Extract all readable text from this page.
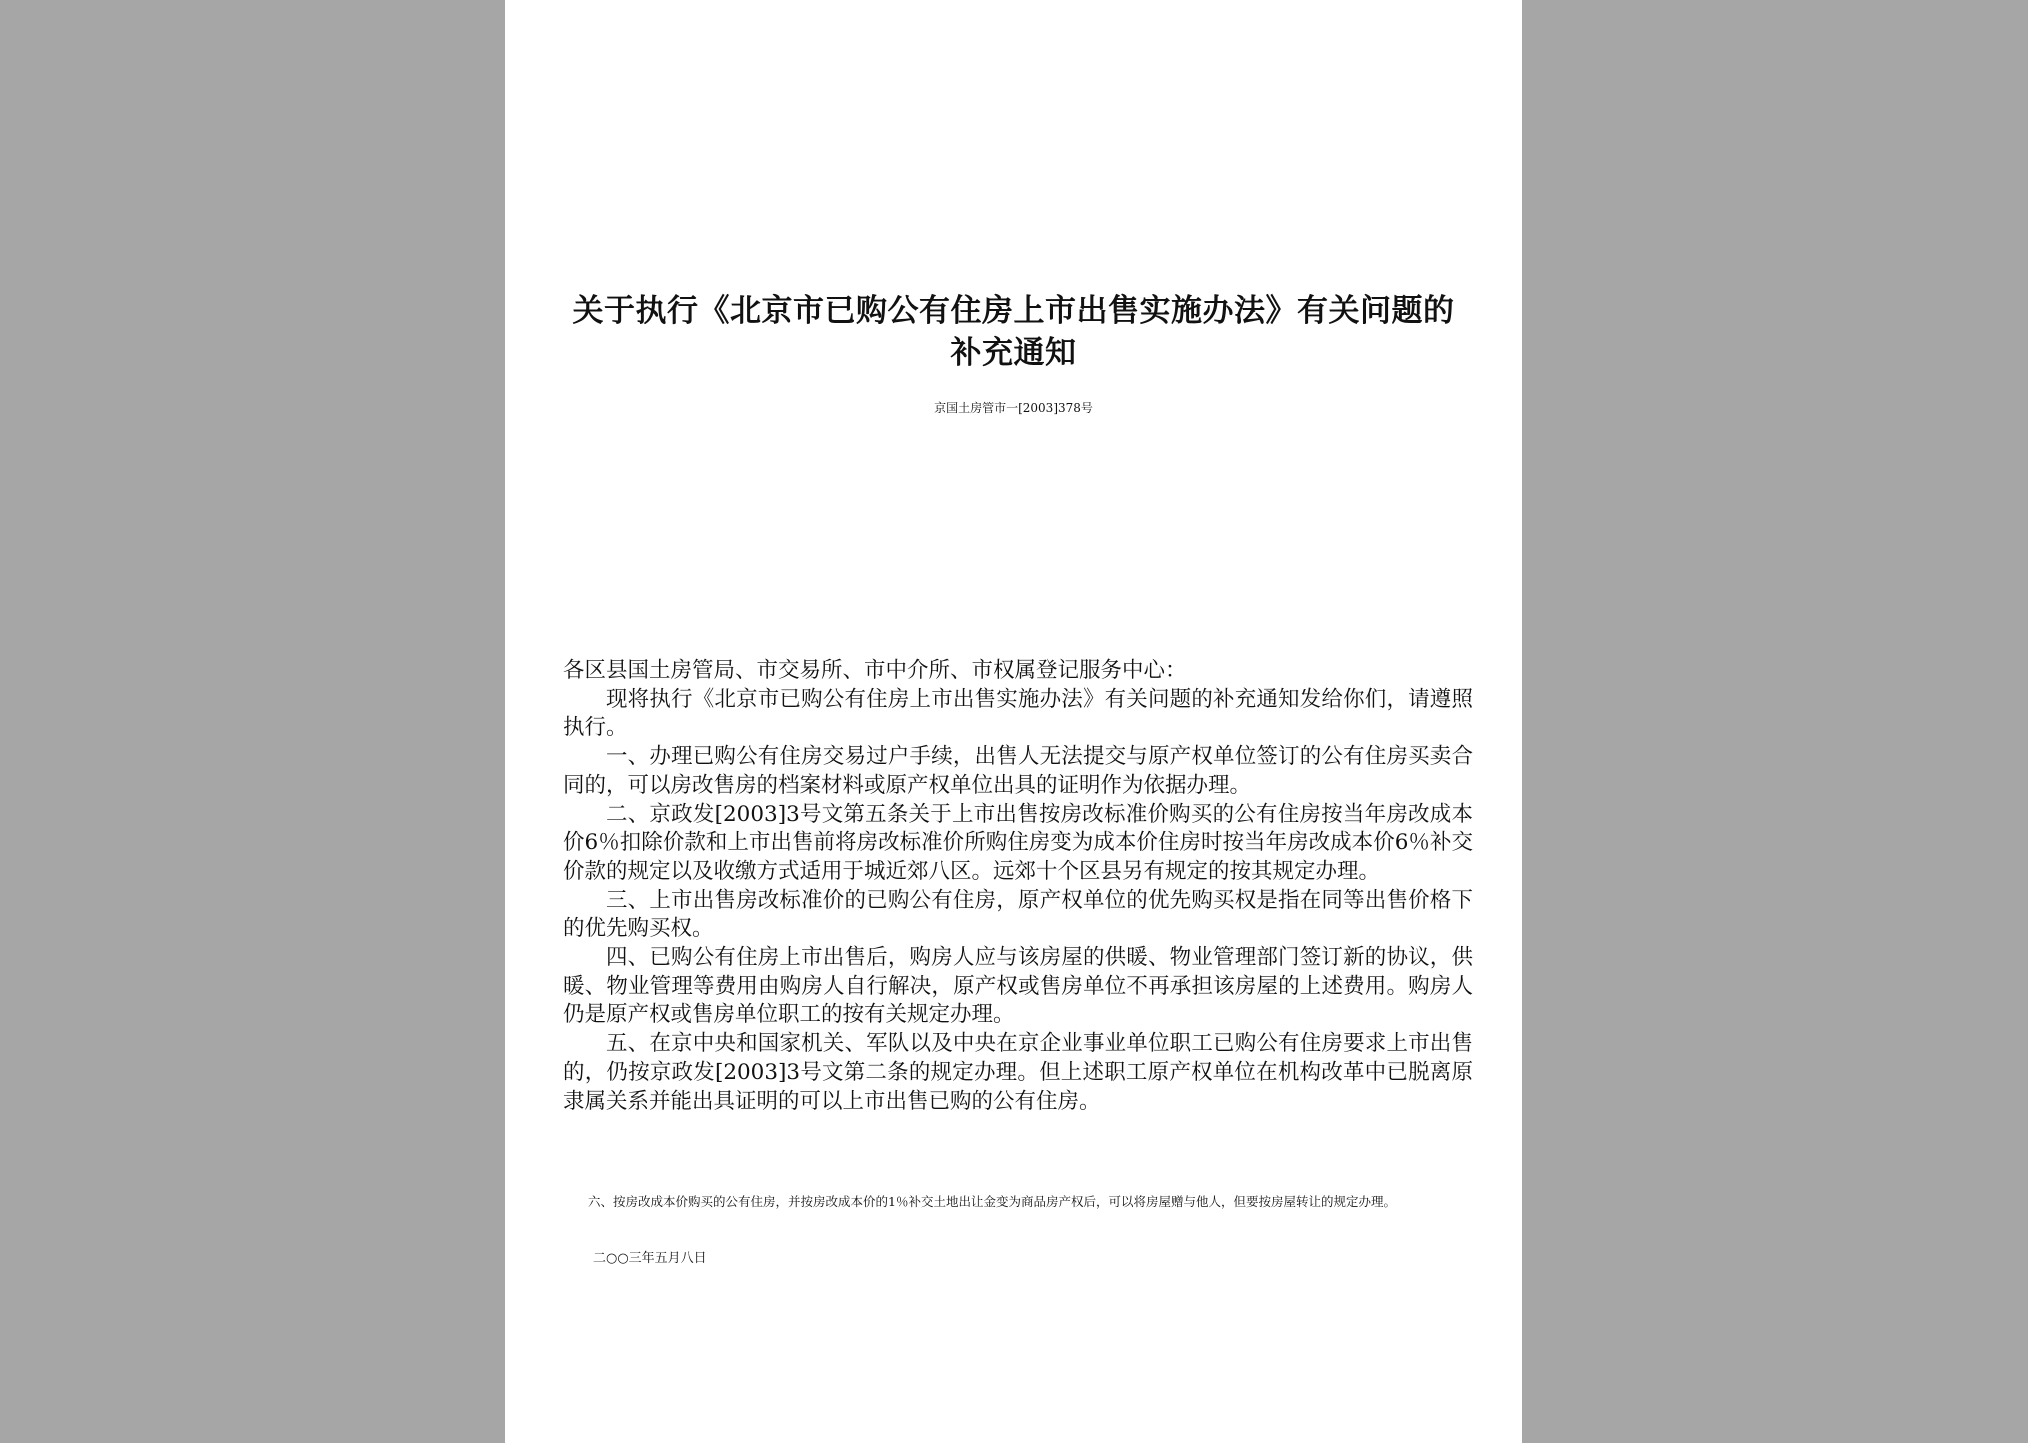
关于执行《北京市已购公有住房上市出售实施办法》有关问题的补充通知
京国土房管市一[2003]378号

各区县国土房管局、市交易所、市中介所、市权属登记服务中心：

现将执行《北京市已购公有住房上市出售实施办法》有关问题的补充通知发给你们，请遵照执行。

一、办理已购公有住房交易过户手续，出售人无法提交与原产权单位签订的公有住房买卖合同的，可以房改售房的档案材料或原产权单位出具的证明作为依据办理。

二、京政发[2003]3号文第五条关于上市出售按房改标准价购买的公有住房按当年房改成本价6％扣除价款和上市出售前将房改标准价所购住房变为成本价住房时按当年房改成本价6％补交价款的规定以及收缴方式适用于城近郊八区。远郊十个区县另有规定的按其规定办理。

三、上市出售房改标准价的已购公有住房，原产权单位的优先购买权是指在同等出售价格下的优先购买权。

四、已购公有住房上市出售后，购房人应与该房屋的供暖、物业管理部门签订新的协议，供暖、物业管理等费用由购房人自行解决，原产权或售房单位不再承担该房屋的上述费用。购房人仍是原产权或售房单位职工的按有关规定办理。

五、在京中央和国家机关、军队以及中央在京企业事业单位职工已购公有住房要求上市出售的，仍按京政发[2003]3号文第二条的规定办理。但上述职工原产权单位在机构改革中已脱离原隶属关系并能出具证明的可以上市出售已购的公有住房。

六、按房改成本价购买的公有住房，并按房改成本价的1％补交土地出让金变为商品房产权后，可以将房屋赠与他人，但要按房屋转让的规定办理。

二○○三年五月八日
